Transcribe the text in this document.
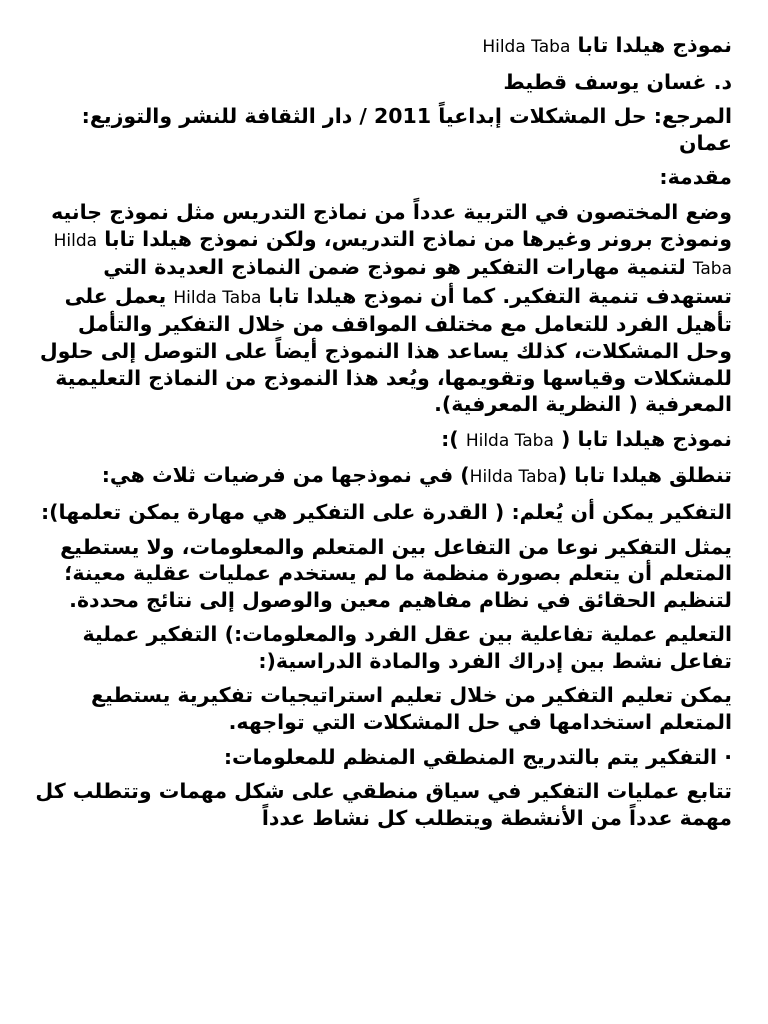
نموذج هيلدا تابا Hilda Taba

د. غسان يوسف قطيط

المرجع: حل المشكلات إبداعياً 2011 / دار الثقافة للنشر والتوزيع: عمان

مقدمة:

وضع المختصون في التربية عدداً من نماذج التدريس مثل نموذج جانيه ونموذج برونر وغيرها من نماذج التدريس، ولكن نموذج هيلدا تابا Hilda Taba لتنمية مهارات التفكير هو نموذج ضمن النماذج العديدة التي تستهدف تنمية التفكير. كما أن نموذج هيلدا تابا Hilda Taba يعمل على تأهيل الفرد للتعامل مع مختلف المواقف من خلال التفكير والتأمل وحل المشكلات، كذلك يساعد هذا النموذج أيضاً على التوصل إلى حلول للمشكلات وقياسها وتقويمها، ويُعد هذا النموذج من النماذج التعليمية المعرفية ( النظرية المعرفية).

نموذج هيلدا تابا ( Hilda Taba ):

تنطلق هيلدا تابا (Hilda Taba) في نموذجها من فرضيات ثلاث هي:

التفكير يمكن أن يُعلم: ( القدرة على التفكير هي مهارة يمكن تعلمها):

يمثل التفكير نوعا من التفاعل بين المتعلم والمعلومات، ولا يستطيع المتعلم أن يتعلم بصورة منظمة ما لم يستخدم عمليات عقلية معينة؛ لتنظيم الحقائق في نظام مفاهيم معين والوصول إلى نتائج محددة.

التعليم عملية تفاعلية بين عقل الفرد والمعلومات:) التفكير عملية تفاعل نشط بين إدراك الفرد والمادة الدراسية(:

يمكن تعليم التفكير من خلال تعليم استراتيجيات تفكيرية يستطيع المتعلم استخدامها في حل المشكلات التي تواجهه.

· التفكير يتم بالتدريج المنطقي المنظم للمعلومات:

تتابع عمليات التفكير في سياق منطقي على شكل مهمات وتتطلب كل مهمة عدداً من الأنشطة ويتطلب كل نشاط عدداً
